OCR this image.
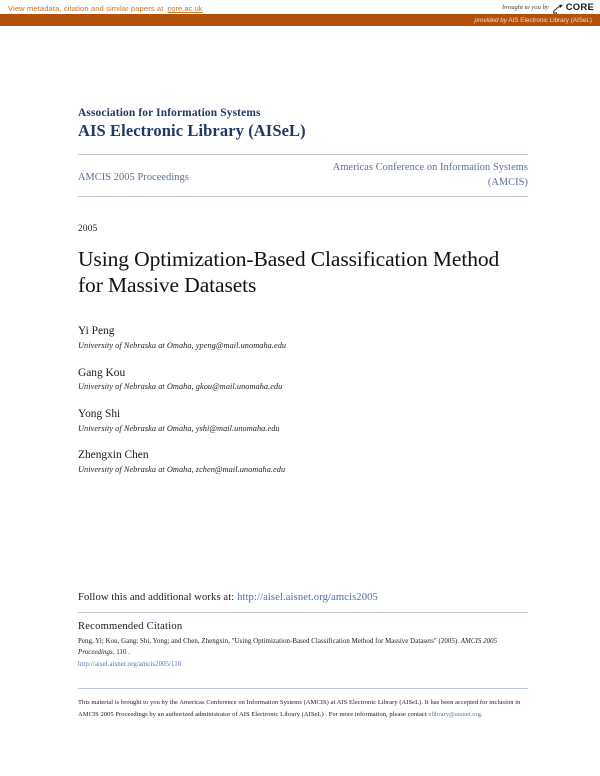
View metadata, citation and similar papers at core.ac.uk	brought to you by CORE
provided by AIS Electronic Library (AISeL)
Association for Information Systems
AIS Electronic Library (AISeL)
AMCIS 2005 Proceedings
Americas Conference on Information Systems
(AMCIS)
2005
Using Optimization-Based Classification Method
for Massive Datasets
Yi Peng
University of Nebraska at Omaha, ypeng@mail.unomaha.edu
Gang Kou
University of Nebraska at Omaha, gkou@mail.unomaha.edu
Yong Shi
University of Nebraska at Omaha, yshi@mail.unomaha.edu
Zhengxin Chen
University of Nebraska at Omaha, zchen@mail.unomaha.edu
Follow this and additional works at: http://aisel.aisnet.org/amcis2005
Recommended Citation
Peng, Yi; Kou, Gang; Shi, Yong; and Chen, Zhengxin, "Using Optimization-Based Classification Method for Massive Datasets" (2005). AMCIS 2005 Proceedings. 110 .
http://aisel.aisnet.org/amcis2005/110
This material is brought to you by the Americas Conference on Information Systems (AMCIS) at AIS Electronic Library (AISeL). It has been accepted for inclusion in AMCIS 2005 Proceedings by an authorized administrator of AIS Electronic Library (AISeL) . For more information, please contact elibrary@aisnet.org.
